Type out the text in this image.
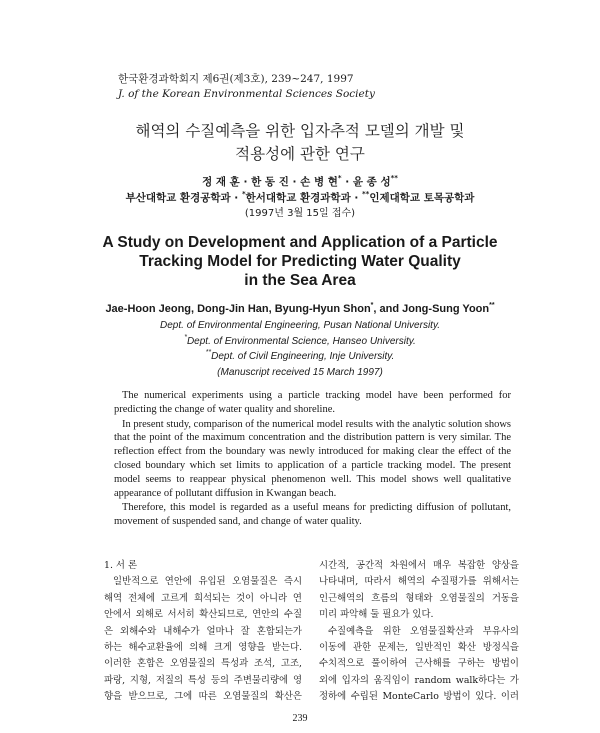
한국환경과학회지 제6권(제3호), 239~247, 1997
J. of the Korean Environmental Sciences Society
해역의 수질예측을 위한 입자추적 모델의 개발 및
적용성에 관한 연구
정 재 훈 · 한 동 진 · 손 병 현* · 윤 종 성**
부산대학교 환경공학과 · *한서대학교 환경과학과 · **인제대학교 토목공학과
(1997년 3월 15일 접수)
A Study on Development and Application of a Particle
Tracking Model for Predicting Water Quality
in the Sea Area
Jae-Hoon Jeong, Dong-Jin Han, Byung-Hyun Shon*, and Jong-Sung Yoon**
Dept. of Environmental Engineering, Pusan National University.
*Dept. of Environmental Science, Hanseo University.
**Dept. of Civil Engineering, Inje University.
(Manuscript received 15 March 1997)

The numerical experiments using a particle tracking model have been performed for predicting the change of water quality and shoreline.

In present study, comparison of the numerical model results with the analytic solution shows that the point of the maximum concentration and the distribution pattern is very similar. The reflection effect from the boundary was newly introduced for making clear the effect of the closed boundary which set limits to application of a particle tracking model. The present model seems to reappear physical phenomenon well. This model shows well qualitative appearance of pollutant diffusion in Kwangan beach.

Therefore, this model is regarded as a useful means for predicting diffusion of pollutant, movement of suspended sand, and change of water quality.

1. 서 론
일반적으로 연안에 유입된 오염물질은 즉시
해역 전체에 고르게 희석되는 것이 아니라 연
안에서 외해로 서서히 확산되므로, 연안의 수질
은 외해수와 내해수가 얼마나 잘 혼합되는가
하는 해수교환율에 의해 크게 영향을 받는다.
이러한 혼합은 오염물질의 특성과 조석, 고조,
파랑, 지형, 저질의 특성 등의 주변물리량에 영
향을 받으므로, 그에 따른 오염물질의 확산은
시간적, 공간적 차원에서 매우 복잡한 양상을
나타내며, 따라서 해역의 수질평가를 위해서는
인근해역의 흐름의 형태와 오염물질의 거동을
미리 파악해 둘 필요가 있다.
수질예측을 위한 오염물질확산과 부유사의
이동에 관한 문제는, 일반적인 확산 방정식을
수치적으로 풀이하여 근사해를 구하는 방법이
외에 입자의 움직임이 random walk하다는 가
정하에 수립된 MonteCarlo 방법이 있다. 이러
239
